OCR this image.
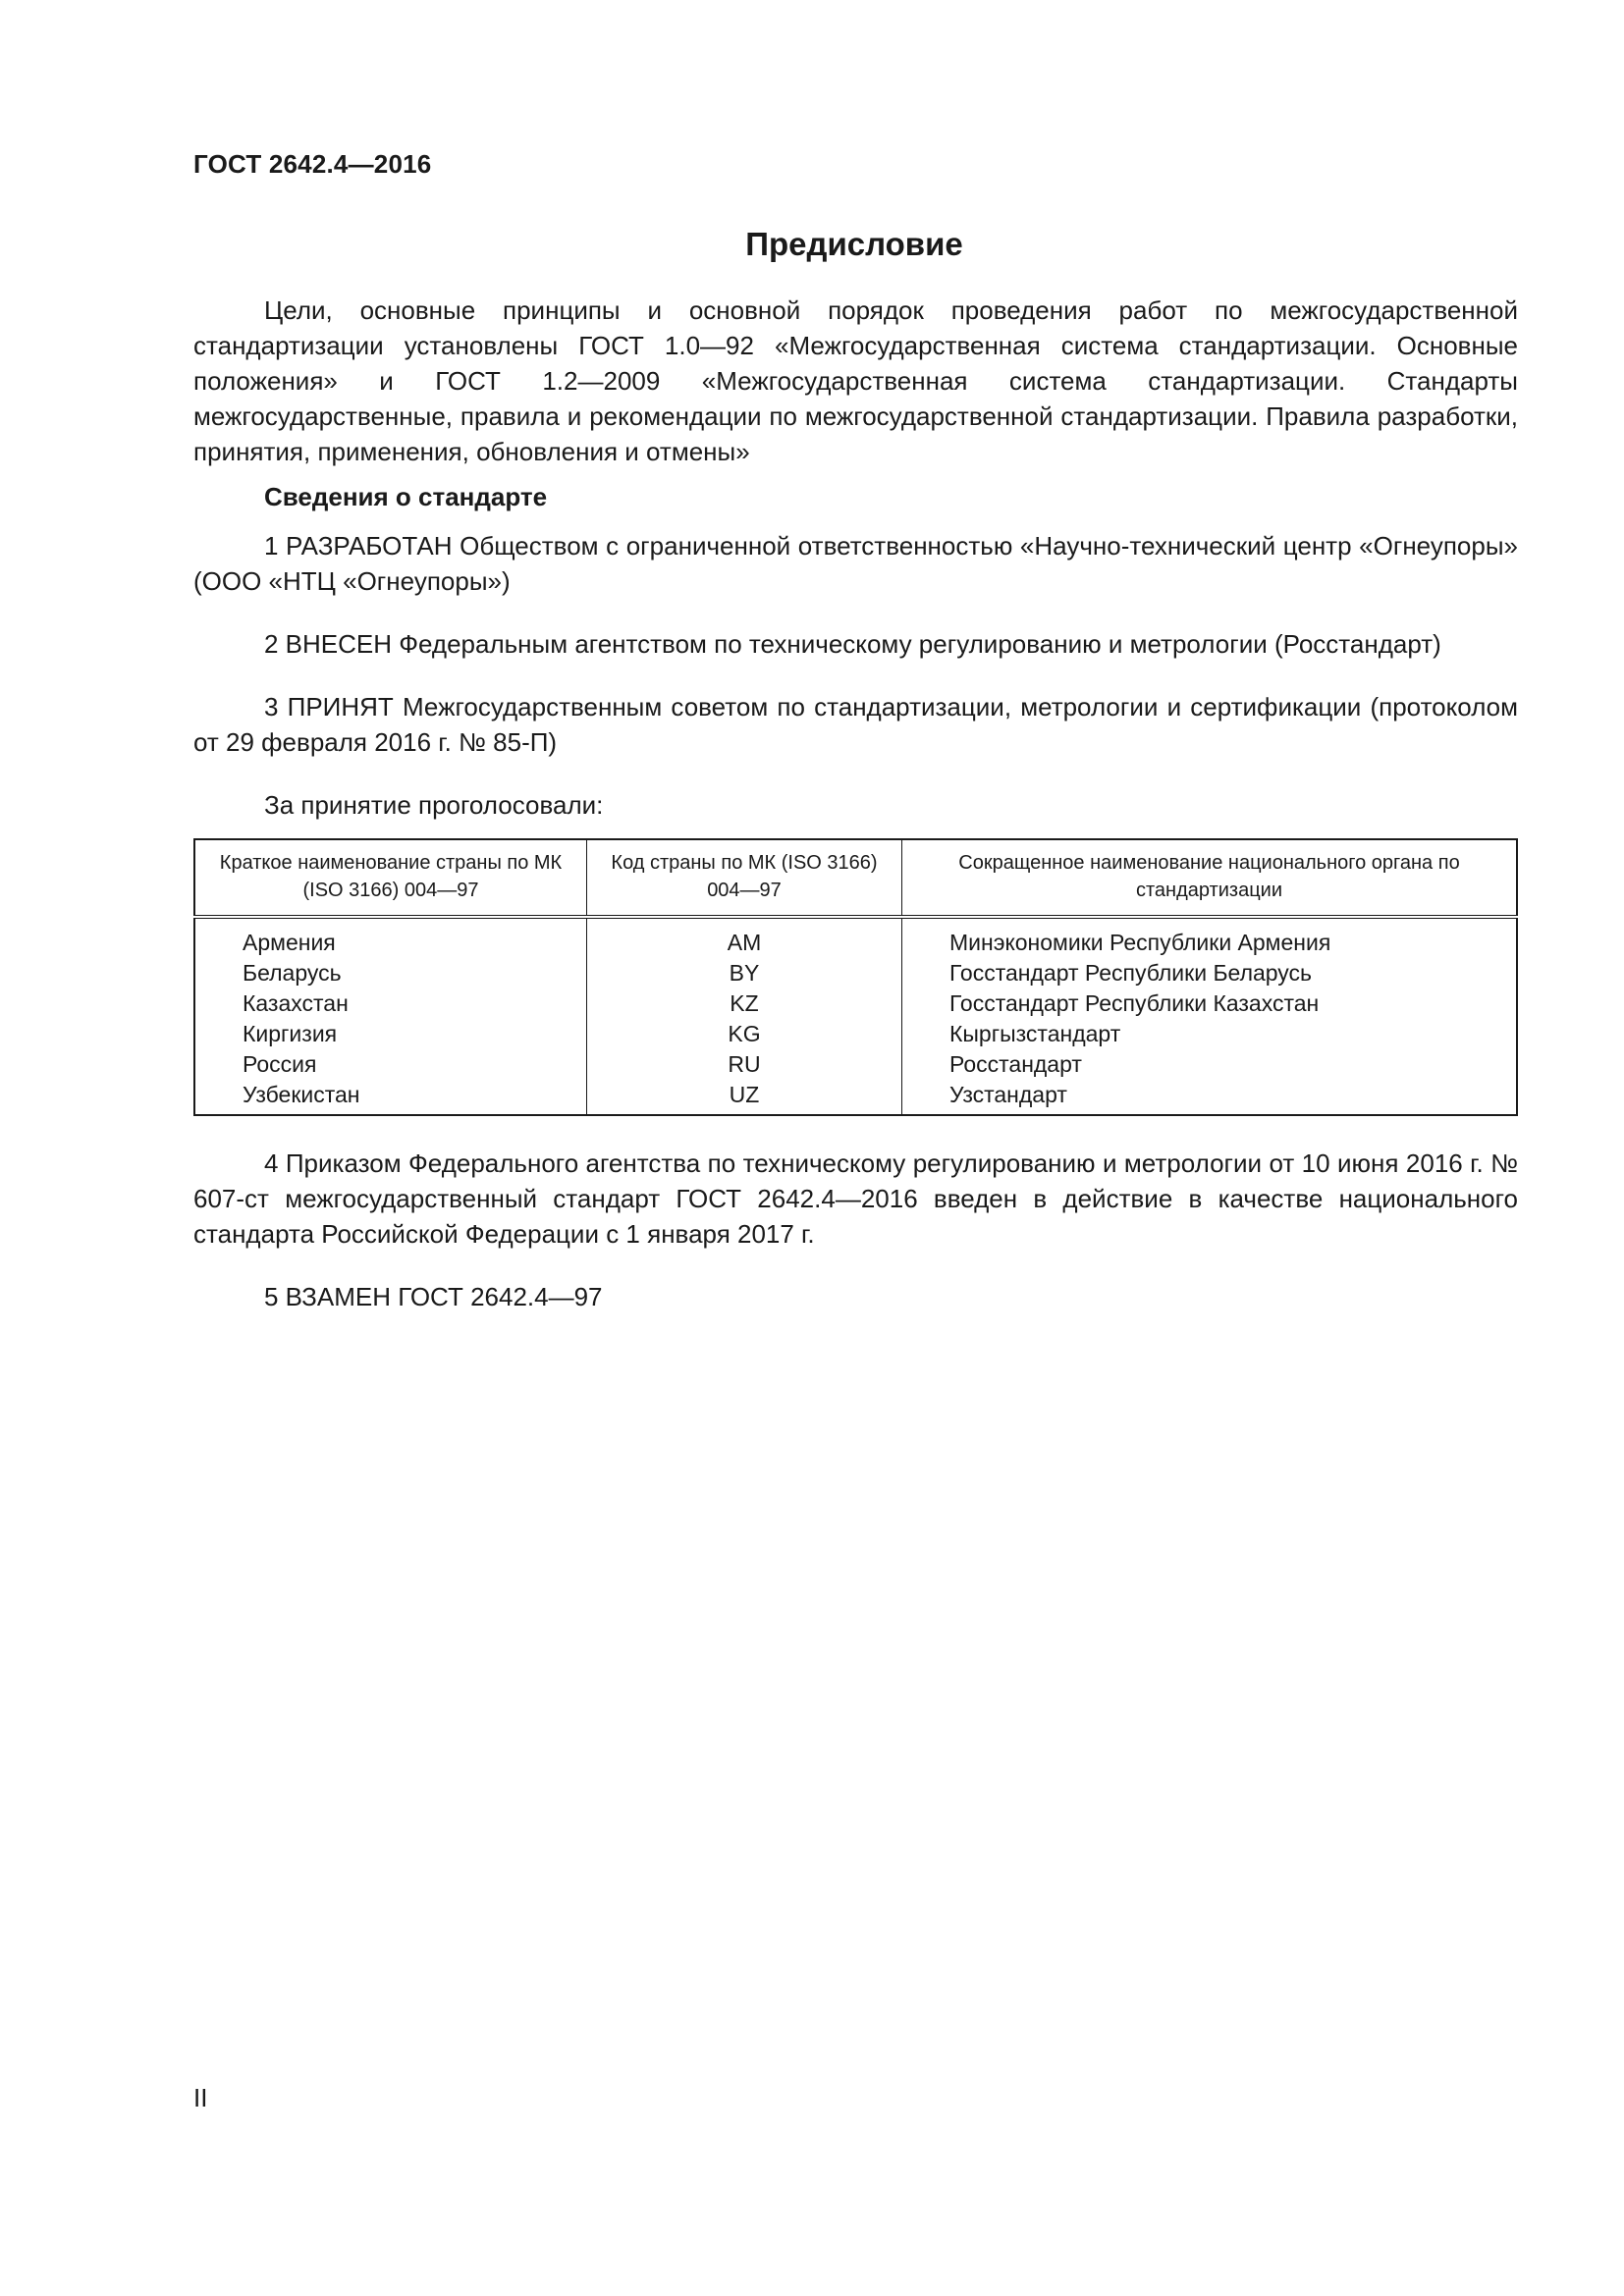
ГОСТ 2642.4—2016
Предисловие

Цели, основные принципы и основной порядок проведения работ по межгосударственной стандартизации установлены ГОСТ 1.0—92 «Межгосударственная система стандартизации. Основные положения» и ГОСТ 1.2—2009 «Межгосударственная система стандартизации. Стандарты межгосударственные, правила и рекомендации по межгосударственной стандартизации. Правила разработки, принятия, применения, обновления и отмены»

Сведения о стандарте

1 РАЗРАБОТАН Обществом с ограниченной ответственностью «Научно-технический центр «Огнеупоры» (ООО «НТЦ «Огнеупоры»)

2 ВНЕСЕН Федеральным агентством по техническому регулированию и метрологии (Росстандарт)

3 ПРИНЯТ Межгосударственным советом по стандартизации, метрологии и сертификации (протоколом от 29 февраля 2016 г. № 85-П)

За принятие проголосовали:

Краткое наименование страны по МК (ISO 3166) 004—97	Код страны по МК (ISO 3166) 004—97	Сокращенное наименование национального органа по стандартизации
Армения	AM	Минэкономики Республики Армения
Беларусь	BY	Госстандарт Республики Беларусь
Казахстан	KZ	Госстандарт Республики Казахстан
Киргизия	KG	Кыргызстандарт
Россия	RU	Росстандарт
Узбекистан	UZ	Узстандарт

4 Приказом Федерального агентства по техническому регулированию и метрологии от 10 июня 2016 г. № 607-ст межгосударственный стандарт ГОСТ 2642.4—2016 введен в действие в качестве национального стандарта Российской Федерации с 1 января 2017 г.

5 ВЗАМЕН ГОСТ 2642.4—97

II
